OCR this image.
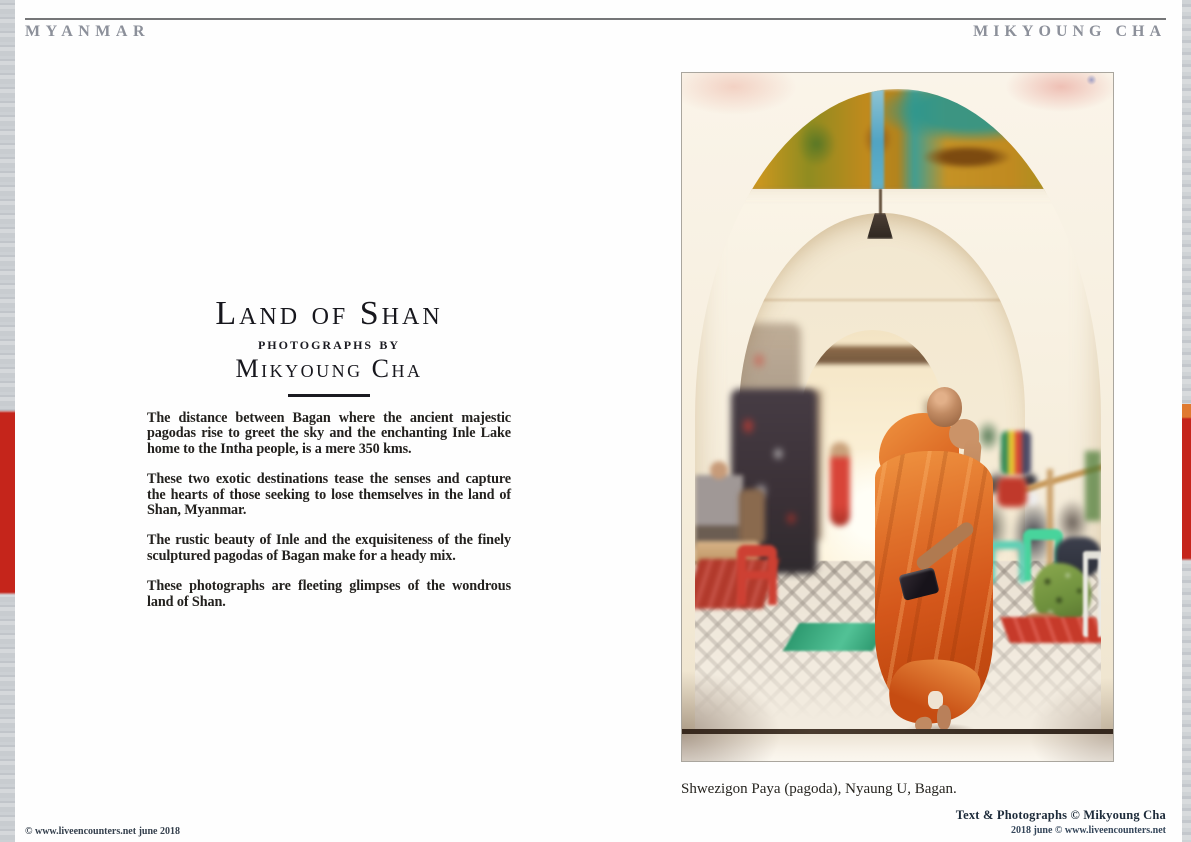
MYANMAR	MIKYOUNG CHA
Land of Shan
photographs by
Mikyoung Cha

The distance between Bagan where the ancient majestic pagodas rise to greet the sky and the enchanting Inle Lake home to the Intha people, is a mere 350 kms.

These two exotic destinations tease the senses and capture the hearts of those seeking to lose themselves in the land of Shan, Myanmar.

The rustic beauty of Inle and the exquisiteness of the finely sculptured pagodas of Bagan make for a heady mix.

These photographs are fleeting glimpses of the wondrous land of Shan.

Shwezigon Paya (pagoda), Nyaung U, Bagan.
© www.liveencounters.net june 2018
Text & Photographs © Mikyoung Cha
2018 june © www.liveencounters.net
